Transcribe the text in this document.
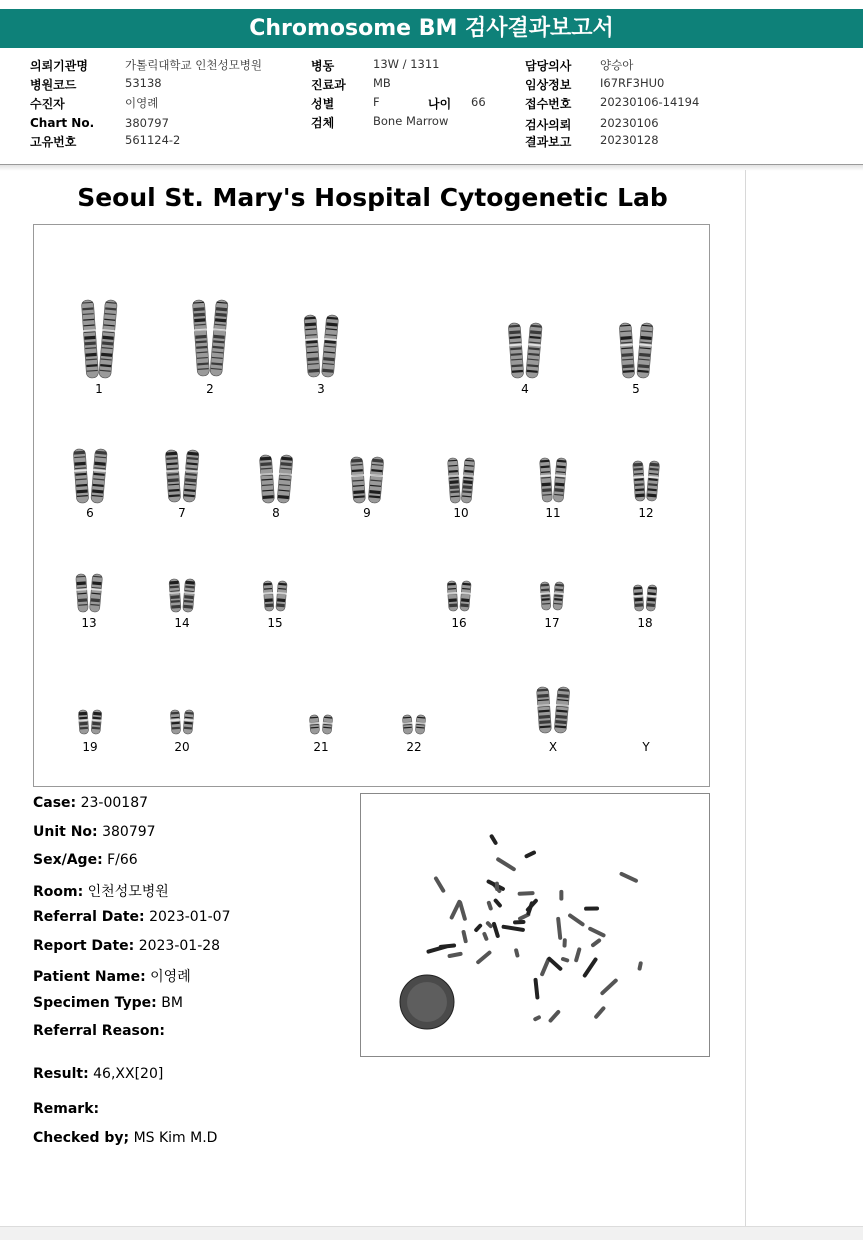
Chromosome BM 검사결과보고서
의뢰기관명	가톨릭대학교 인천성모병원
병원코드	53138
수진자	이영례
Chart No.	380797
고유번호	561124-2
병동	13W / 1311
진료과 MB
성별	F	나이 66
검체	Bone Marrow
담당의사 양승아
임상정보 I67RF3HU0
접수번호 20230106-14194
검사의뢰 20230106
결과보고 20230128
Seoul St. Mary's Hospital Cytogenetic Lab
1	2	3	4	5
6	7	8	9	10	11	12
13	14	15	16	17	18
19	20	21	22	X	Y
Case: 23-00187
Unit No: 380797
Sex/Age: F/66
Room: 인천성모병원
Referral Date: 2023-01-07
Report Date: 2023-01-28
Patient Name: 이영례
Specimen Type: BM
Referral Reason:
Result: 46,XX[20]
Remark:
Checked by; MS Kim M.D
